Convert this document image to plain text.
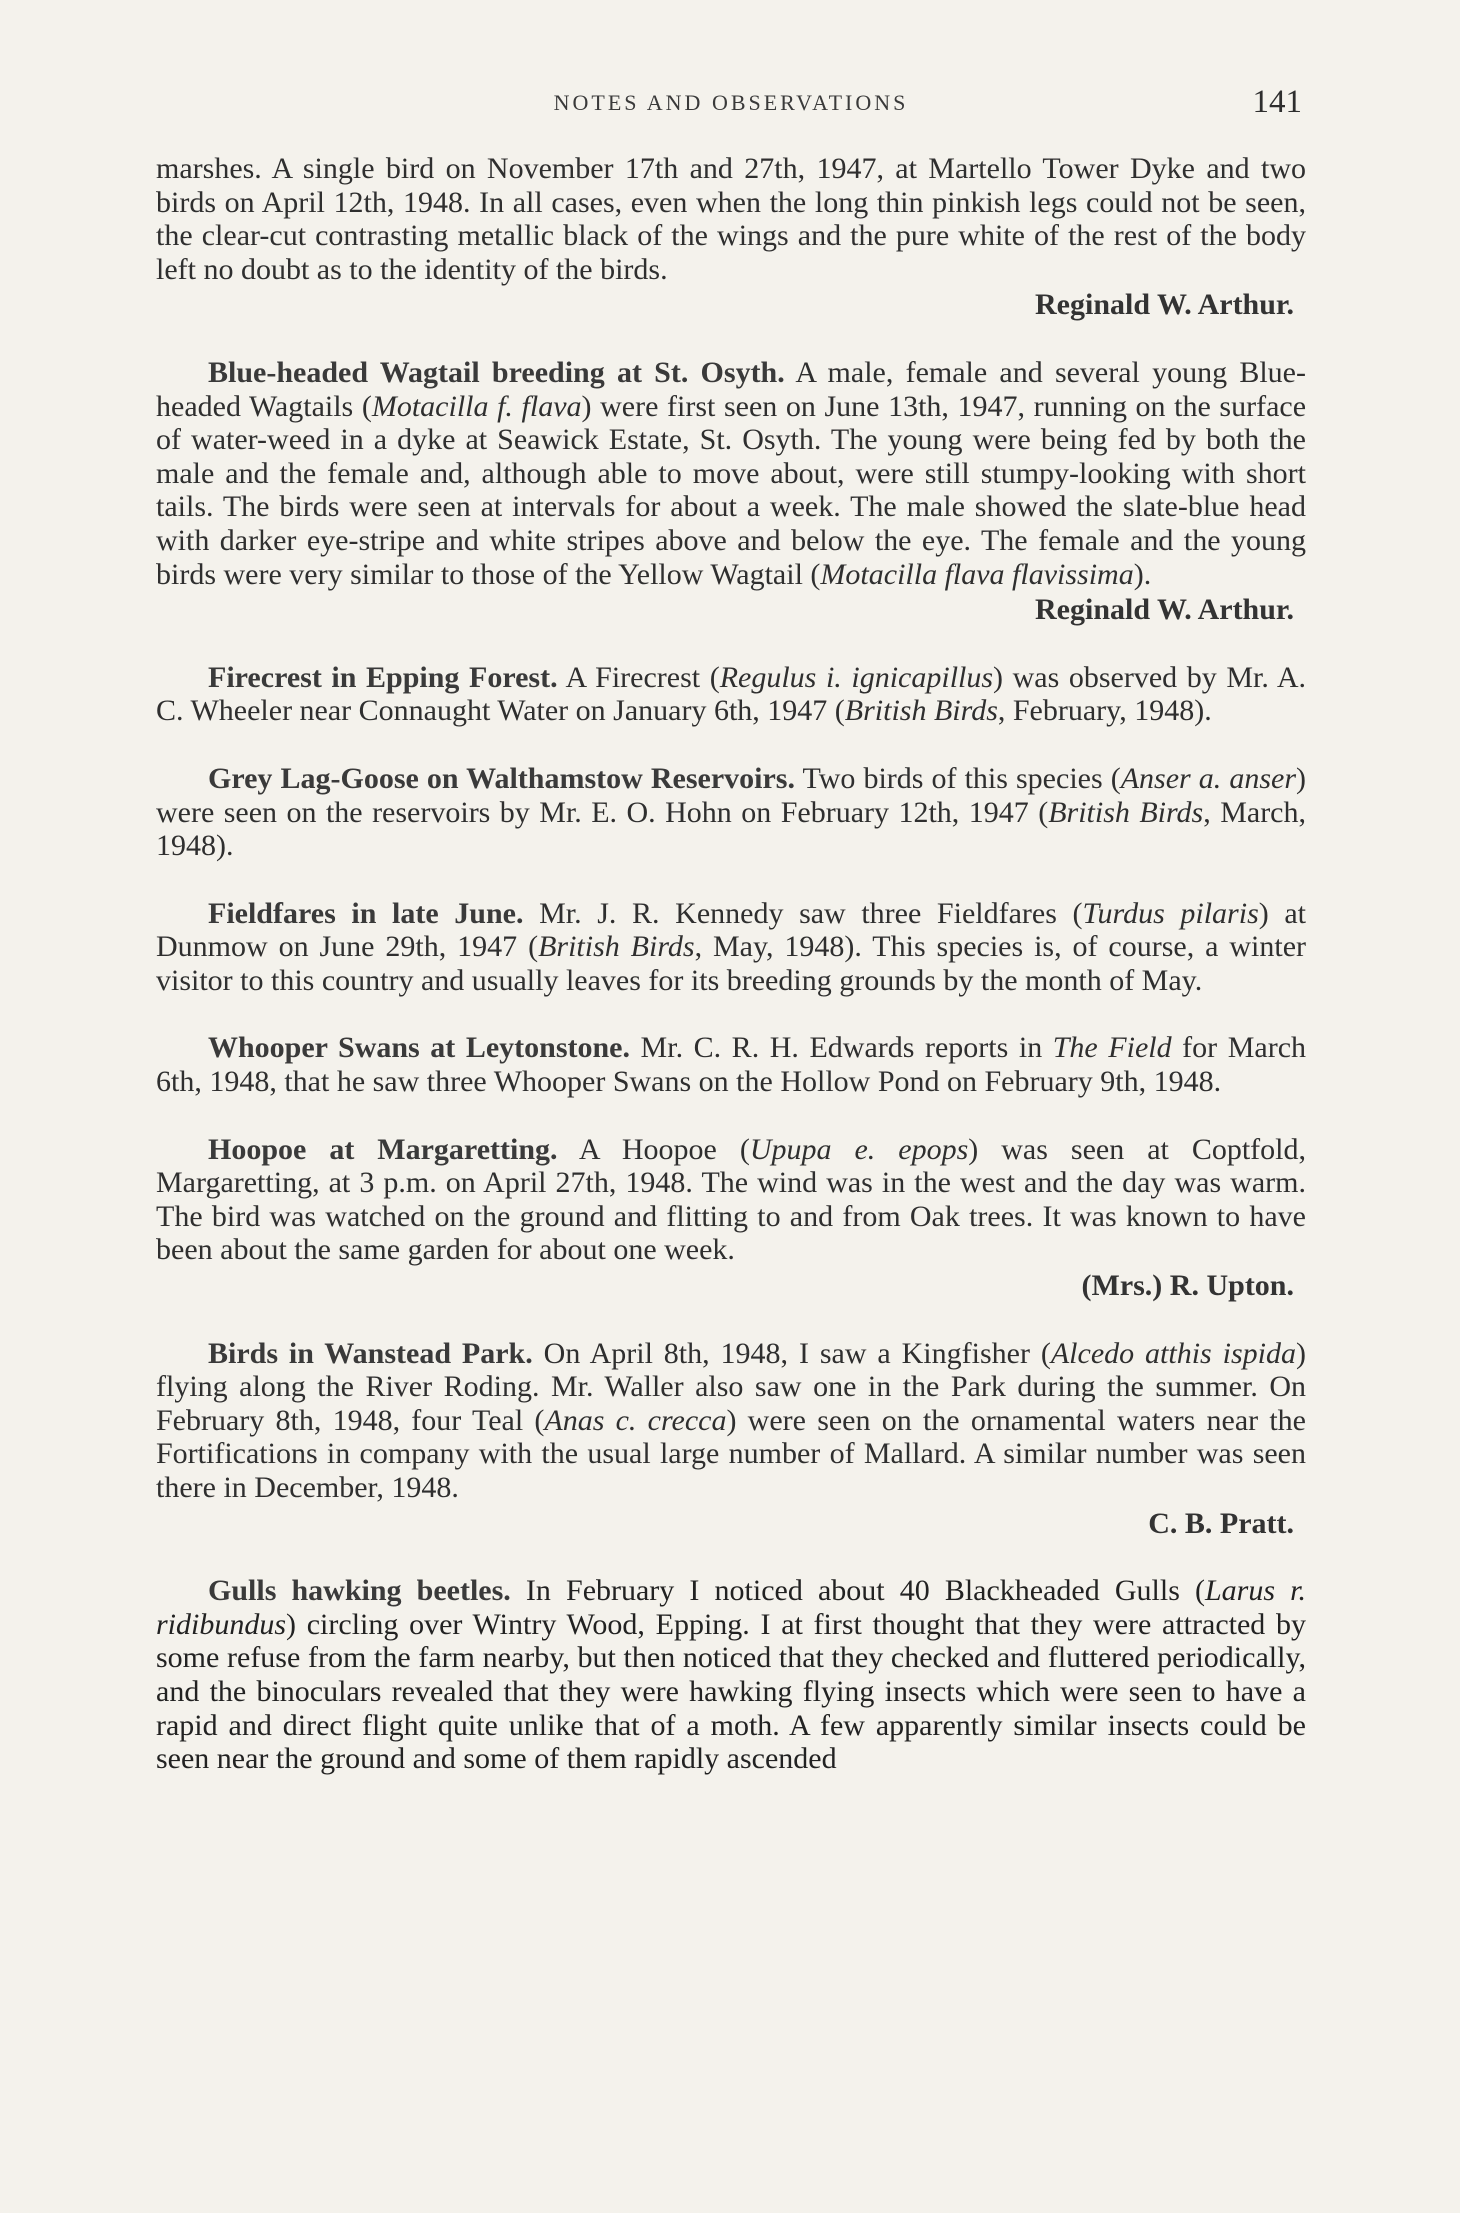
NOTES AND OBSERVATIONS	141

marshes. A single bird on November 17th and 27th, 1947, at Martello Tower Dyke and two birds on April 12th, 1948. In all cases, even when the long thin pinkish legs could not be seen, the clear-cut contrasting metallic black of the wings and the pure white of the rest of the body left no doubt as to the identity of the birds.

Reginald W. Arthur.

Blue-headed Wagtail breeding at St. Osyth. A male, female and several young Blue-headed Wagtails (Motacilla f. flava) were first seen on June 13th, 1947, running on the surface of water-weed in a dyke at Seawick Estate, St. Osyth. The young were being fed by both the male and the female and, although able to move about, were still stumpy-looking with short tails. The birds were seen at intervals for about a week. The male showed the slate-blue head with darker eye-stripe and white stripes above and below the eye. The female and the young birds were very similar to those of the Yellow Wagtail (Motacilla flava flavissima).

Reginald W. Arthur.

Firecrest in Epping Forest. A Firecrest (Regulus i. ignicapillus) was observed by Mr. A. C. Wheeler near Connaught Water on January 6th, 1947 (British Birds, February, 1948).

Grey Lag-Goose on Walthamstow Reservoirs. Two birds of this species (Anser a. anser) were seen on the reservoirs by Mr. E. O. Hohn on February 12th, 1947 (British Birds, March, 1948).

Fieldfares in late June. Mr. J. R. Kennedy saw three Fieldfares (Turdus pilaris) at Dunmow on June 29th, 1947 (British Birds, May, 1948). This species is, of course, a winter visitor to this country and usually leaves for its breeding grounds by the month of May.

Whooper Swans at Leytonstone. Mr. C. R. H. Edwards reports in The Field for March 6th, 1948, that he saw three Whooper Swans on the Hollow Pond on February 9th, 1948.

Hoopoe at Margaretting. A Hoopoe (Upupa e. epops) was seen at Coptfold, Margaretting, at 3 p.m. on April 27th, 1948. The wind was in the west and the day was warm. The bird was watched on the ground and flitting to and from Oak trees. It was known to have been about the same garden for about one week.

(Mrs.) R. Upton.

Birds in Wanstead Park. On April 8th, 1948, I saw a Kingfisher (Alcedo atthis ispida) flying along the River Roding. Mr. Waller also saw one in the Park during the summer. On February 8th, 1948, four Teal (Anas c. crecca) were seen on the ornamental waters near the Fortifications in company with the usual large number of Mallard. A similar number was seen there in December, 1948.

C. B. Pratt.

Gulls hawking beetles. In February I noticed about 40 Blackheaded Gulls (Larus r. ridibundus) circling over Wintry Wood, Epping. I at first thought that they were attracted by some refuse from the farm nearby, but then noticed that they checked and fluttered periodically, and the binoculars revealed that they were hawking flying insects which were seen to have a rapid and direct flight quite unlike that of a moth. A few apparently similar insects could be seen near the ground and some of them rapidly ascended
